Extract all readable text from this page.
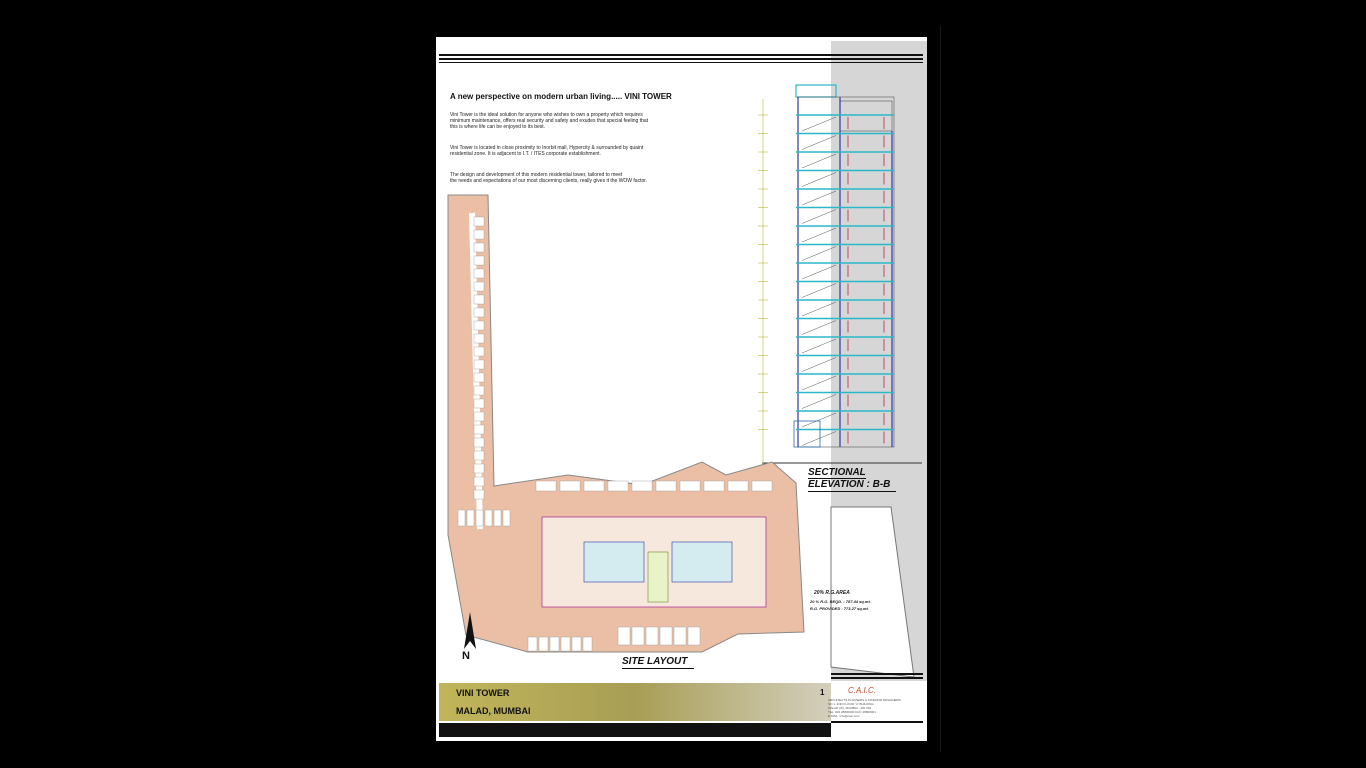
A new perspective on modern urban living..... VINI TOWER
Vini Tower is the ideal solution for anyone who wishes to own a property which requires
minimum maintenance, offers real security and safety and exudes that special feeling that
this is where life can be enjoyed to its best.
Vini Tower is located in close proximity to Inorbit mall, Hypercity & surrounded by quaint
residential zone. It is adjacent to I.T. / ITES corporate establishment.
The design and development of this modern residential tower, tailored to meet
the needs and expectations of our most discerning clients, really gives it the WOW factor.
SECTIONAL
ELEVATION : B-B
SITE LAYOUT
20% R.G.AREA
20 % R.G. REQD. : 787.44 sq.mt.
R.G. PROVIDED : 773.27 sq.mt.
N
VINI TOWER
MALAD, MUMBAI
1	C.A.I.C.
ARCHITECTS PLANNERS & INTERIOR DESIGNERS
NO.1, 2ND FLOOR, 'A' BUILDING
MALAD (W), MUMBAI - 400 064
TEL: 022 28800000 FAX: 28800001
E-MAIL: info@caic.com
